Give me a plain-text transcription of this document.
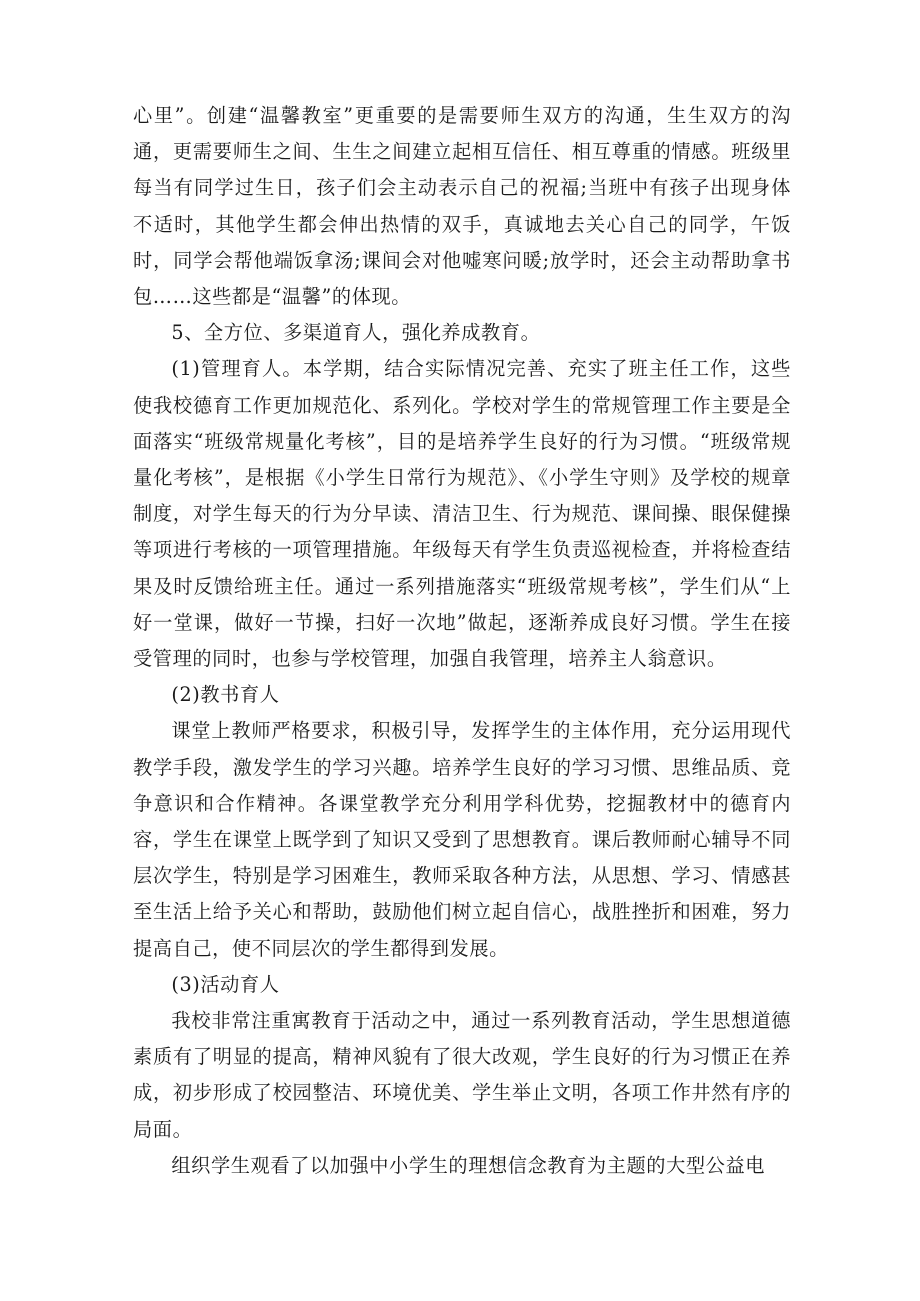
心里”。创建“温馨教室”更重要的是需要师生双方的沟通，生生双方的沟通，更需要师生之间、生生之间建立起相互信任、相互尊重的情感。班级里每当有同学过生日，孩子们会主动表示自己的祝福;当班中有孩子出现身体不适时，其他学生都会伸出热情的双手，真诚地去关心自己的同学，午饭时，同学会帮他端饭拿汤;课间会对他嘘寒问暖;放学时，还会主动帮助拿书包……这些都是“温馨”的体现。

5、全方位、多渠道育人，强化养成教育。

(1)管理育人。本学期，结合实际情况完善、充实了班主任工作，这些使我校德育工作更加规范化、系列化。学校对学生的常规管理工作主要是全面落实“班级常规量化考核”，目的是培养学生良好的行为习惯。“班级常规量化考核”，是根据《小学生日常行为规范》、《小学生守则》及学校的规章制度，对学生每天的行为分早读、清洁卫生、行为规范、课间操、眼保健操等项进行考核的一项管理措施。年级每天有学生负责巡视检查，并将检查结果及时反馈给班主任。通过一系列措施落实“班级常规考核”，学生们从“上好一堂课，做好一节操，扫好一次地”做起，逐渐养成良好习惯。学生在接受管理的同时，也参与学校管理，加强自我管理，培养主人翁意识。

(2)教书育人

课堂上教师严格要求，积极引导，发挥学生的主体作用，充分运用现代教学手段，激发学生的学习兴趣。培养学生良好的学习习惯、思维品质、竞争意识和合作精神。各课堂教学充分利用学科优势，挖掘教材中的德育内容，学生在课堂上既学到了知识又受到了思想教育。课后教师耐心辅导不同层次学生，特别是学习困难生，教师采取各种方法，从思想、学习、情感甚至生活上给予关心和帮助，鼓励他们树立起自信心，战胜挫折和困难，努力提高自己，使不同层次的学生都得到发展。

(3)活动育人

我校非常注重寓教育于活动之中，通过一系列教育活动，学生思想道德素质有了明显的提高，精神风貌有了很大改观，学生良好的行为习惯正在养成，初步形成了校园整洁、环境优美、学生举止文明，各项工作井然有序的局面。

组织学生观看了以加强中小学生的理想信念教育为主题的大型公益电
